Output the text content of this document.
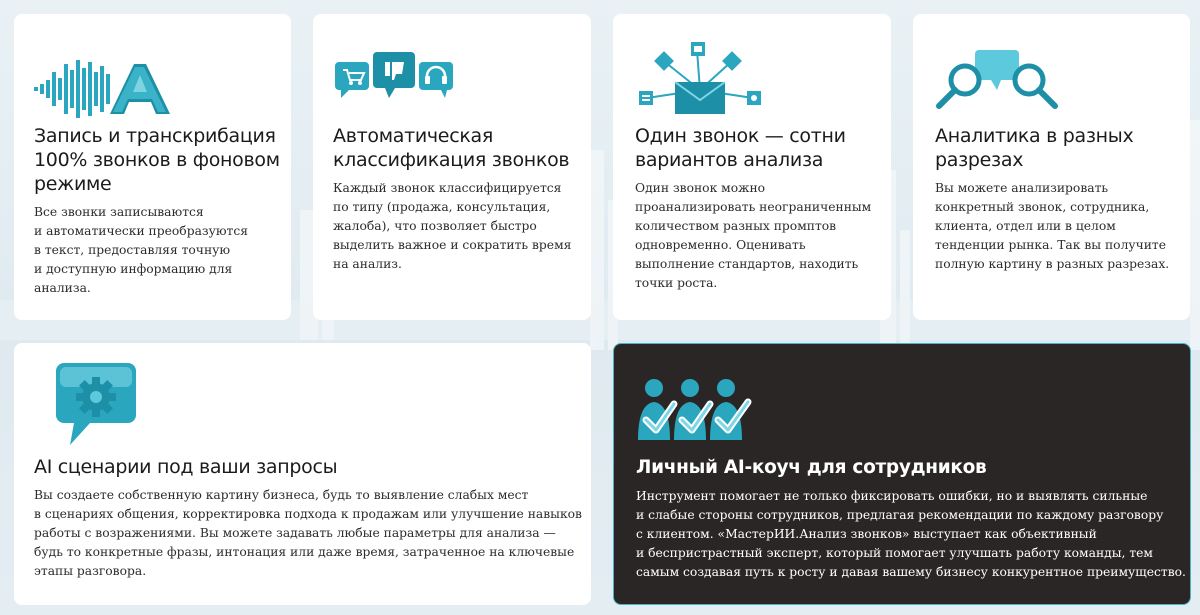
Запись и транскрибация
100% звонков в фоновом
режиме
Все звонки записываются
и автоматически преобразуются
в текст, предоставляя точную
и доступную информацию для
анализа.
Автоматическая
классификация звонков
Каждый звонок классифицируется
по типу (продажа, консультация,
жалоба), что позволяет быстро
выделить важное и сократить время
на анализ.
Один звонок — сотни
вариантов анализа
Один звонок можно
проанализировать неограниченным
количеством разных промптов
одновременно. Оценивать
выполнение стандартов, находить
точки роста.
Аналитика в разных
разрезах
Вы можете анализировать
конкретный звонок, сотрудника,
клиента, отдел или в целом
тенденции рынка. Так вы получите
полную картину в разных разрезах.
AI сценарии под ваши запросы
Вы создаете собственную картину бизнеса, будь то выявление слабых мест
в сценариях общения, корректировка подхода к продажам или улучшение навыков
работы с возражениями. Вы можете задавать любые параметры для анализа —
будь то конкретные фразы, интонация или даже время, затраченное на ключевые
этапы разговора.
Личный AI-коуч для сотрудников
Инструмент помогает не только фиксировать ошибки, но и выявлять сильные
и слабые стороны сотрудников, предлагая рекомендации по каждому разговору
с клиентом. «МастерИИ.Анализ звонков» выступает как объективный
и беспристрастный эксперт, который помогает улучшать работу команды, тем
самым создавая путь к росту и давая вашему бизнесу конкурентное преимущество.
